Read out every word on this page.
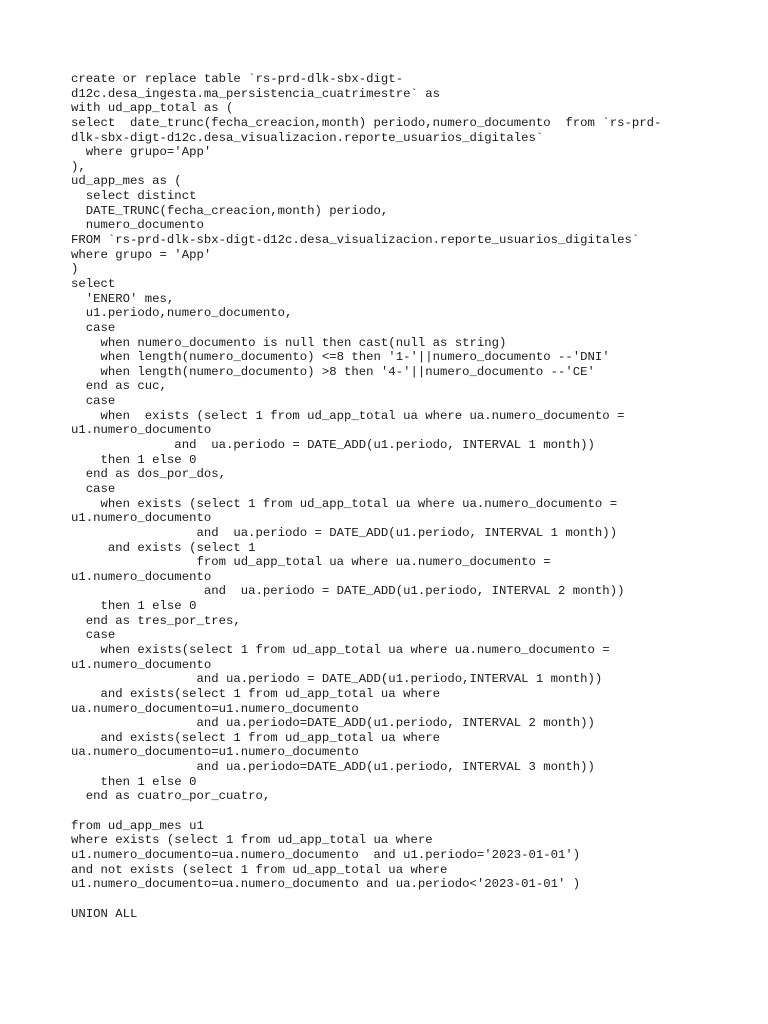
create or replace table `rs-prd-dlk-sbx-digt-
d12c.desa_ingesta.ma_persistencia_cuatrimestre` as
with ud_app_total as (
select  date_trunc(fecha_creacion,month) periodo,numero_documento  from `rs-prd-
dlk-sbx-digt-d12c.desa_visualizacion.reporte_usuarios_digitales`
where grupo='App'
),
ud_app_mes as (
select distinct
DATE_TRUNC(fecha_creacion,month) periodo,
numero_documento
FROM `rs-prd-dlk-sbx-digt-d12c.desa_visualizacion.reporte_usuarios_digitales`
where grupo = 'App'
)
select
'ENERO' mes,
u1.periodo,numero_documento,
case
when numero_documento is null then cast(null as string)
when length(numero_documento) <=8 then '1-'||numero_documento --'DNI'
when length(numero_documento) >8 then '4-'||numero_documento --'CE'
end as cuc,
case
when  exists (select 1 from ud_app_total ua where ua.numero_documento =
u1.numero_documento
and  ua.periodo = DATE_ADD(u1.periodo, INTERVAL 1 month))
then 1 else 0
end as dos_por_dos,
case
when exists (select 1 from ud_app_total ua where ua.numero_documento =
u1.numero_documento
and  ua.periodo = DATE_ADD(u1.periodo, INTERVAL 1 month))
and exists (select 1
from ud_app_total ua where ua.numero_documento =
u1.numero_documento
and  ua.periodo = DATE_ADD(u1.periodo, INTERVAL 2 month))
then 1 else 0
end as tres_por_tres,
case
when exists(select 1 from ud_app_total ua where ua.numero_documento =
u1.numero_documento
and ua.periodo = DATE_ADD(u1.periodo,INTERVAL 1 month))
and exists(select 1 from ud_app_total ua where
ua.numero_documento=u1.numero_documento
and ua.periodo=DATE_ADD(u1.periodo, INTERVAL 2 month))
and exists(select 1 from ud_app_total ua where
ua.numero_documento=u1.numero_documento
and ua.periodo=DATE_ADD(u1.periodo, INTERVAL 3 month))
then 1 else 0
end as cuatro_por_cuatro,
from ud_app_mes u1
where exists (select 1 from ud_app_total ua where
u1.numero_documento=ua.numero_documento  and u1.periodo='2023-01-01')
and not exists (select 1 from ud_app_total ua where
u1.numero_documento=ua.numero_documento and ua.periodo<'2023-01-01' )
UNION ALL
